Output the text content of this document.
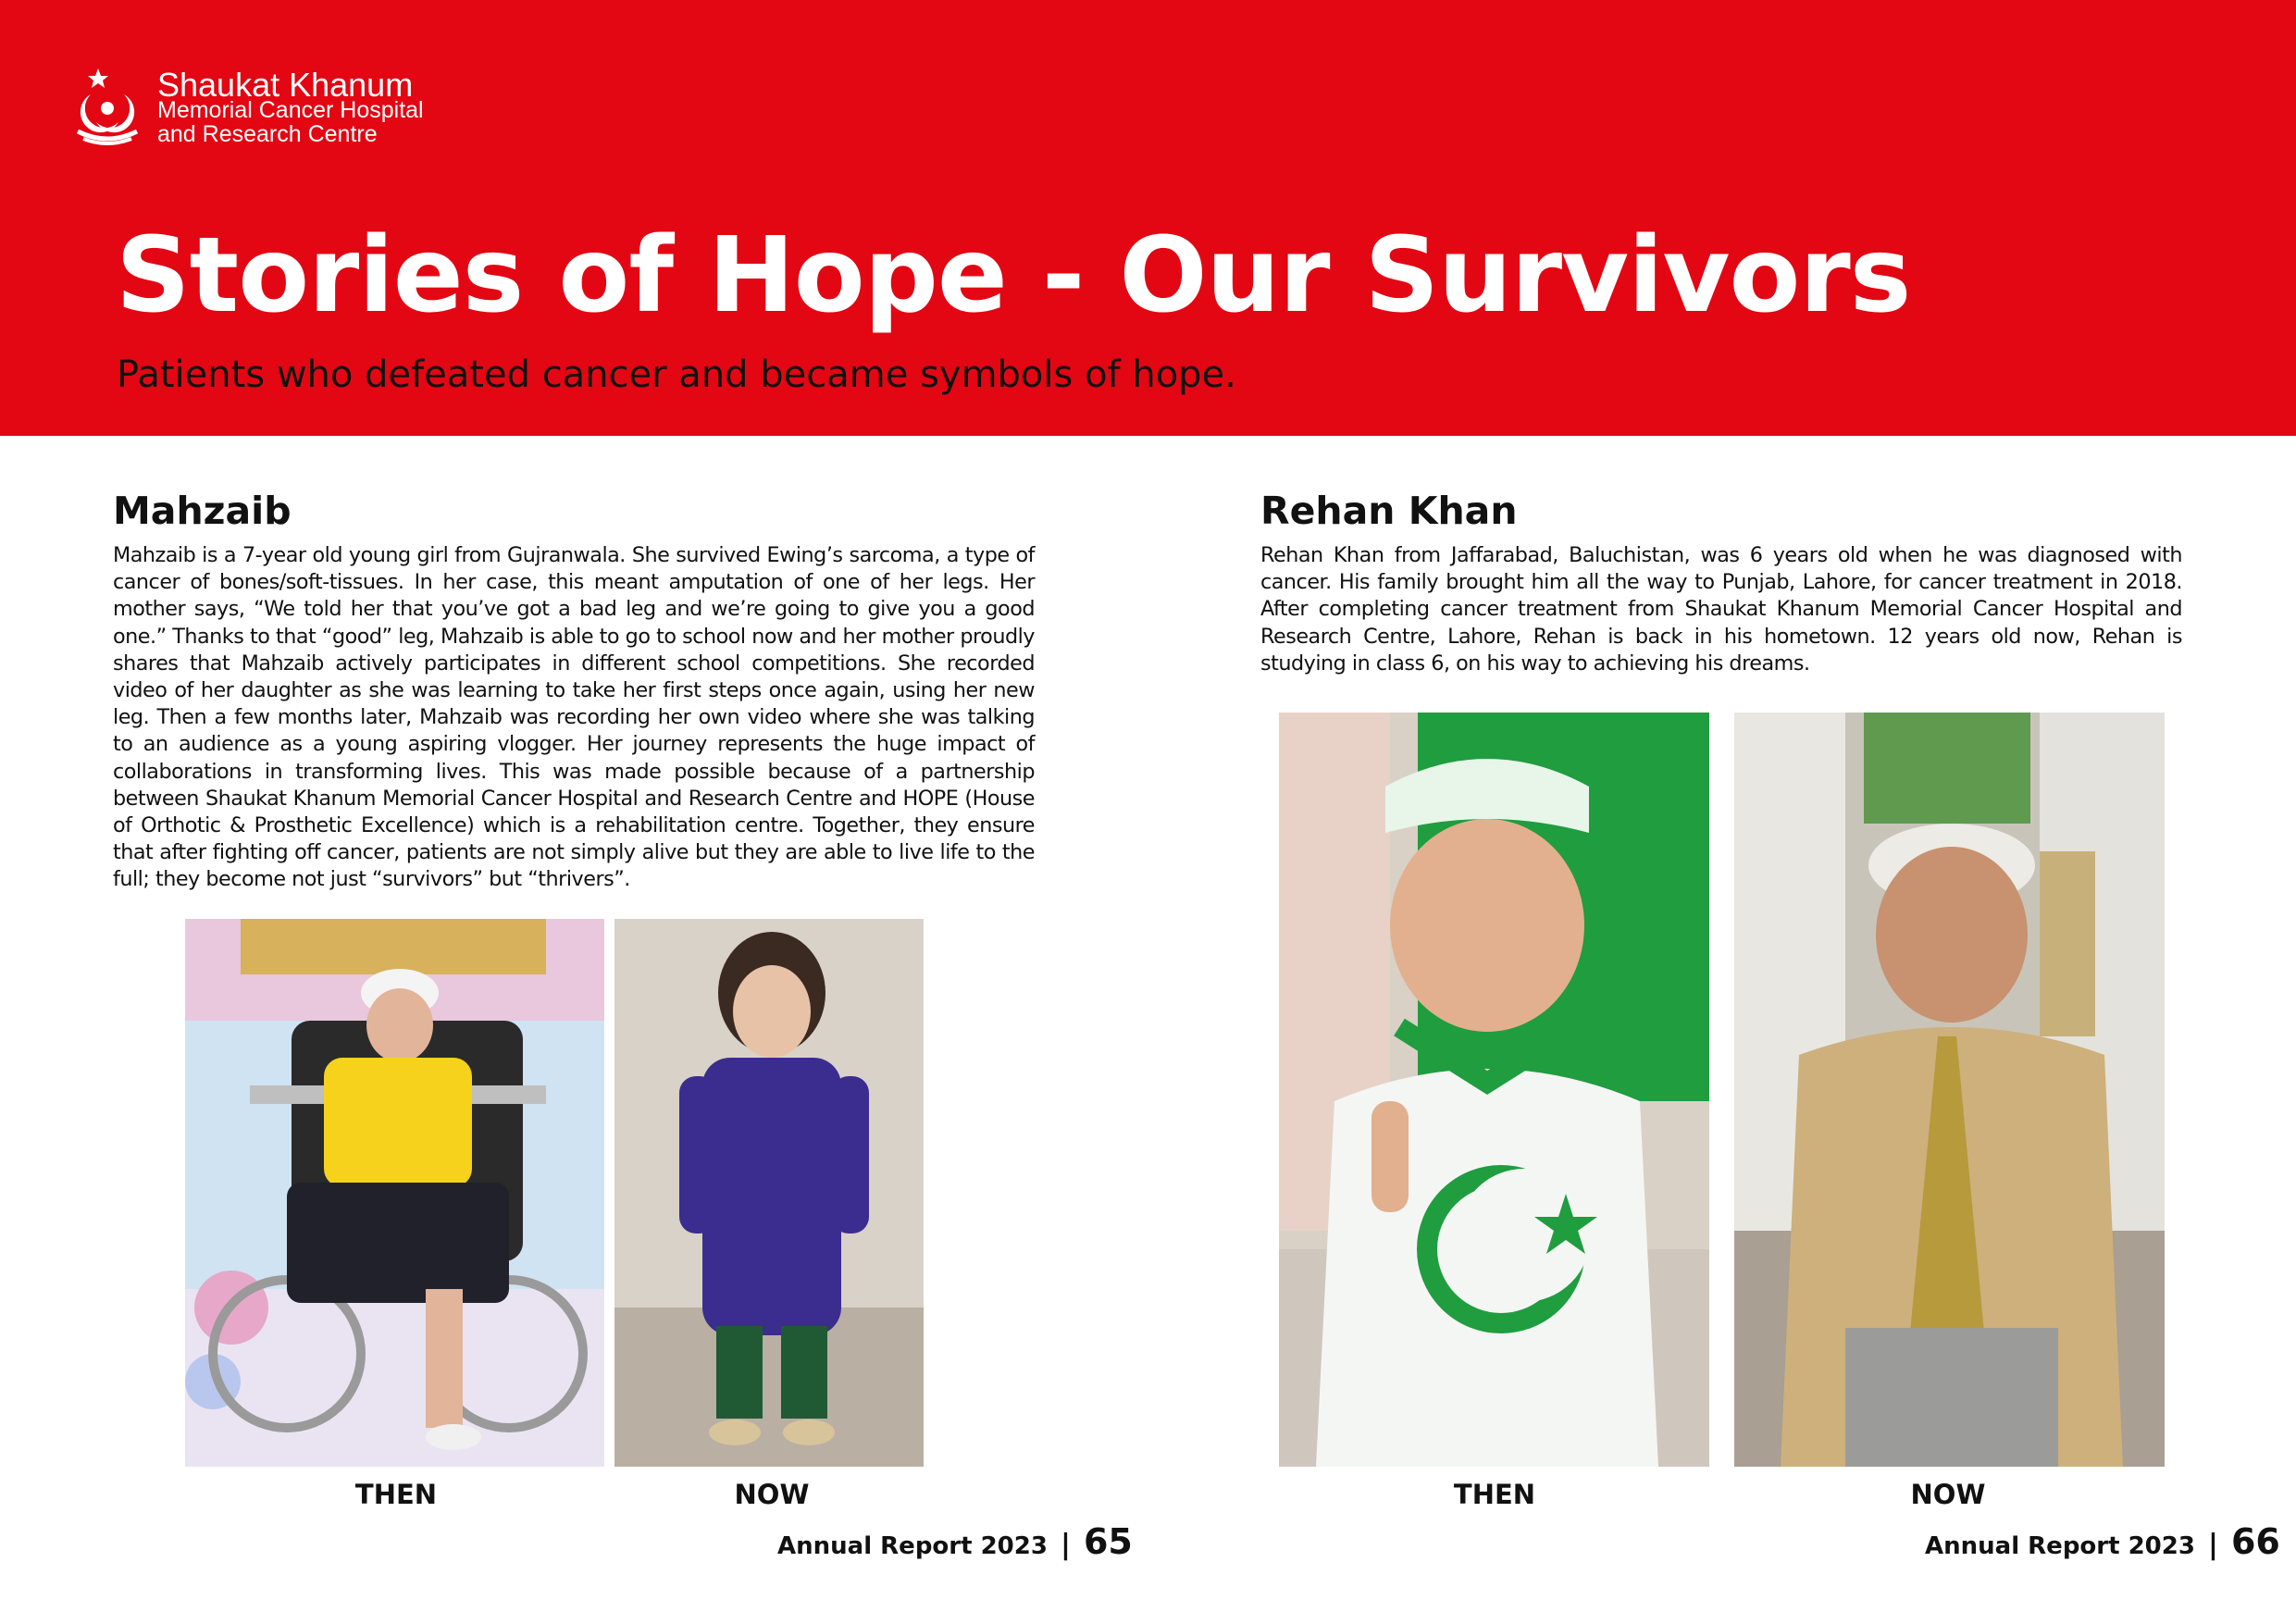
Shaukat Khanum
Memorial Cancer Hospital
and Research Centre
Stories of Hope - Our Survivors

Patients who defeated cancer and became symbols of hope.

Mahzaib

Mahzaib is a 7-year old young girl from Gujranwala. She survived Ewing’s sarcoma, a type of cancer of bones/soft-tissues. In her case, this meant amputation of one of her legs. Her mother says, “We told her that you’ve got a bad leg and we’re going to give you a good one.” Thanks to that “good” leg, Mahzaib is able to go to school now and her mother proudly shares that Mahzaib actively participates in different school competitions. She recorded video of her daughter as she was learning to take her first steps once again, using her new leg. Then a few months later, Mahzaib was recording her own video where she was talking to an audience as a young aspiring vlogger. Her journey represents the huge impact of collaborations in transforming lives. This was made possible because of a partnership between Shaukat Khanum Memorial Cancer Hospital and Research Centre and HOPE (House of Orthotic & Prosthetic Excellence) which is a rehabilitation centre. Together, they ensure that after fighting off cancer, patients are not simply alive but they are able to live life to the full; they become not just “survivors” but “thrivers”.

THEN	NOW

Rehan Khan

Rehan Khan from Jaffarabad, Baluchistan, was 6 years old when he was diagnosed with cancer. His family brought him all the way to Punjab, Lahore, for cancer treatment in 2018. After completing cancer treatment from Shaukat Khanum Memorial Cancer Hospital and Research Centre, Lahore, Rehan is back in his hometown. 12 years old now, Rehan is studying in class 6, on his way to achieving his dreams.

THEN	NOW

Annual Report 2023 | 65	Annual Report 2023 | 66
